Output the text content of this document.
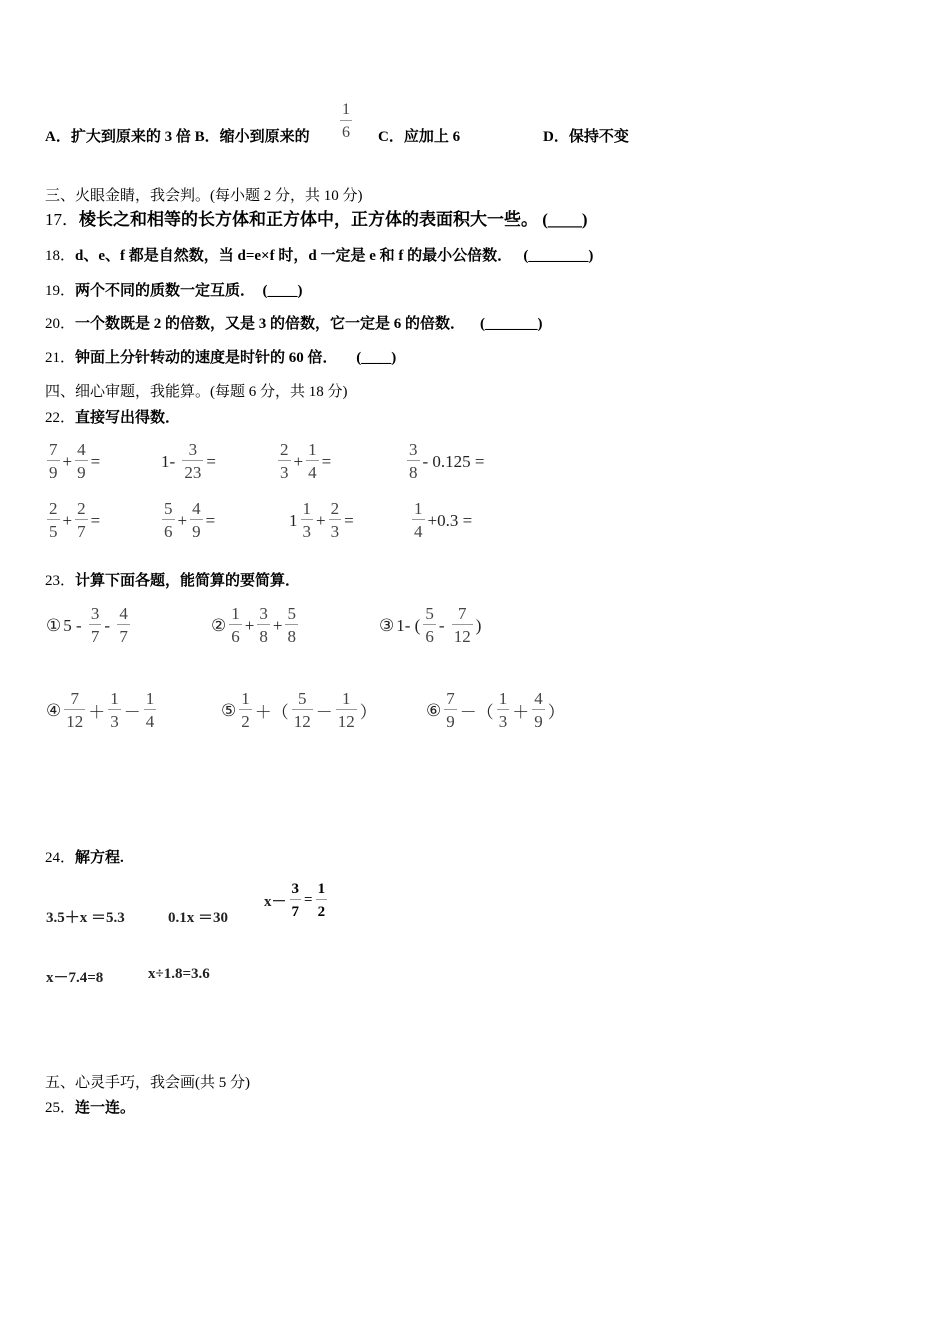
A．扩大到原来的 3 倍 B．缩小到原来的 $\frac{1}{6}$ C．应加上 6	D．保持不变
三、火眼金睛，我会判。(每小题 2 分，共 10 分)
17．棱长之和相等的长方体和正方体中，正方体的表面积大一些。 (____)
18．d、e、f 都是自然数，当 d=e×f 时，d 一定是 e 和 f 的最小公倍数．   (________)
19．两个不同的质数一定互质．  (____)
20．一个数既是 2 的倍数，又是 3 的倍数，它一定是 6 的倍数．    (_______)
21．钟面上分针转动的速度是时针的 60 倍．     (____)
四、细心审题，我能算。(每题 6 分，共 18 分)
22．直接写出得数．
$\frac{7}{9} + \frac{4}{9}$ =	$1- \frac{3}{23}$ =	$\frac{2}{3} + \frac{1}{4}$ =	$\frac{3}{8} - 0.125$ =
$\frac{2}{5} + \frac{2}{7}$ =	$\frac{5}{6} + \frac{4}{9}$ =	$1 \frac{1}{3} + \frac{2}{3}$ =	$\frac{1}{4} +0.3$ =
23．计算下面各题，能简算的要简算．
① $5 - \frac{3}{7} - \frac{4}{7}$	② $\frac{1}{6} + \frac{3}{8} + \frac{5}{8}$	③ 1- ( $\frac{5}{6} - \frac{7}{12}$ )
④ $\frac{7}{12} + \frac{1}{3} - \frac{1}{4}$	⑤ $\frac{1}{2}$ ＋（ $\frac{5}{12} - \frac{1}{12}$ ）	⑥ $\frac{7}{9}$ －（ $\frac{1}{3} + \frac{4}{9}$ ）
24．解方程.
3.5＋x ＝5.3	0.1x ＝30
$x- \frac{3}{7} = \frac{1}{2}$
x－7.4=8	x÷1.8=3.6
五、心灵手巧，我会画(共 5 分)
25．连一连。
